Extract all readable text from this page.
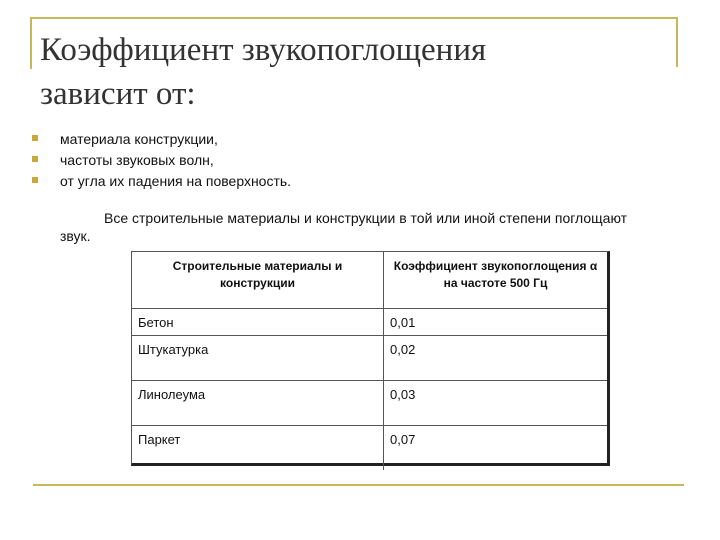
Коэффициент звукопоглощения
зависит от:
материала конструкции,
частоты звуковых волн,
от угла их падения на поверхность.

Все строительные материалы и конструкции в той или иной степени поглощают звук.

Строительные материалы и конструкции	Коэффициент звукопоглощения α на частоте 500 Гц
Бетон	0,01
Штукатурка	0,02
Линолеума	0,03
Паркет	0,07
